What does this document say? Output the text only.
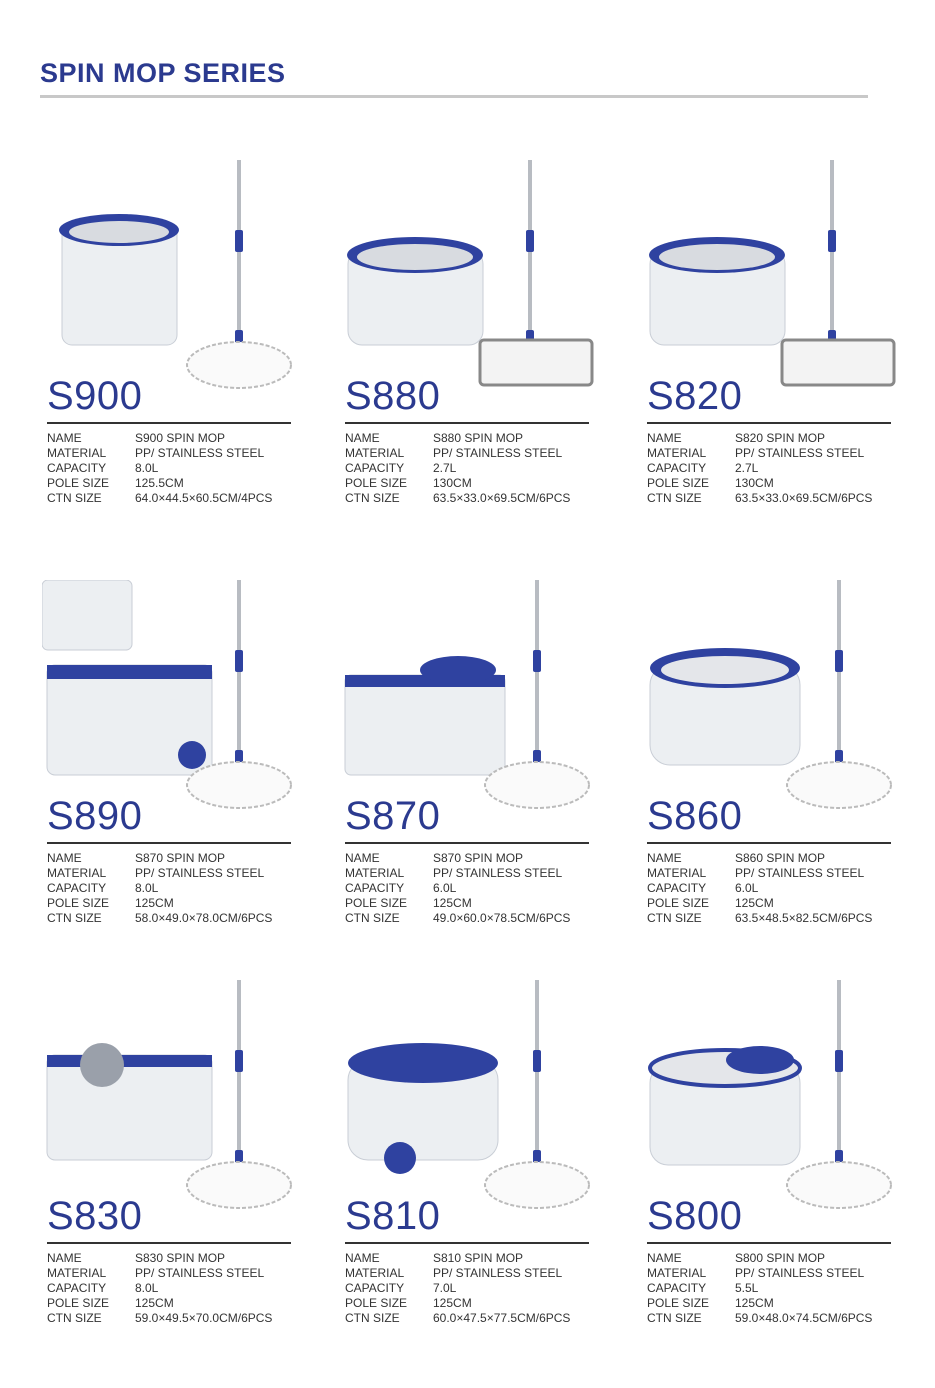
SPIN MOP SERIES
S900
NAME	S900 SPIN MOP
MATERIAL	PP/ STAINLESS STEEL
CAPACITY	8.0L
POLE SIZE	125.5CM
CTN SIZE	64.0×44.5×60.5CM/4PCS
S880
NAME	S880 SPIN MOP
MATERIAL	PP/ STAINLESS STEEL
CAPACITY	2.7L
POLE SIZE	130CM
CTN SIZE	63.5×33.0×69.5CM/6PCS
S820
NAME	S820 SPIN MOP
MATERIAL	PP/ STAINLESS STEEL
CAPACITY	2.7L
POLE SIZE	130CM
CTN SIZE	63.5×33.0×69.5CM/6PCS
S890
NAME	S870 SPIN MOP
MATERIAL	PP/ STAINLESS STEEL
CAPACITY	8.0L
POLE SIZE	125CM
CTN SIZE	58.0×49.0×78.0CM/6PCS
S870
NAME	S870 SPIN MOP
MATERIAL	PP/ STAINLESS STEEL
CAPACITY	6.0L
POLE SIZE	125CM
CTN SIZE	49.0×60.0×78.5CM/6PCS
S860
NAME	S860 SPIN MOP
MATERIAL	PP/ STAINLESS STEEL
CAPACITY	6.0L
POLE SIZE	125CM
CTN SIZE	63.5×48.5×82.5CM/6PCS
S830
NAME	S830 SPIN MOP
MATERIAL	PP/ STAINLESS STEEL
CAPACITY	8.0L
POLE SIZE	125CM
CTN SIZE	59.0×49.5×70.0CM/6PCS
S810
NAME	S810 SPIN MOP
MATERIAL	PP/ STAINLESS STEEL
CAPACITY	7.0L
POLE SIZE	125CM
CTN SIZE	60.0×47.5×77.5CM/6PCS
S800
NAME	S800 SPIN MOP
MATERIAL	PP/ STAINLESS STEEL
CAPACITY	5.5L
POLE SIZE	125CM
CTN SIZE	59.0×48.0×74.5CM/6PCS
